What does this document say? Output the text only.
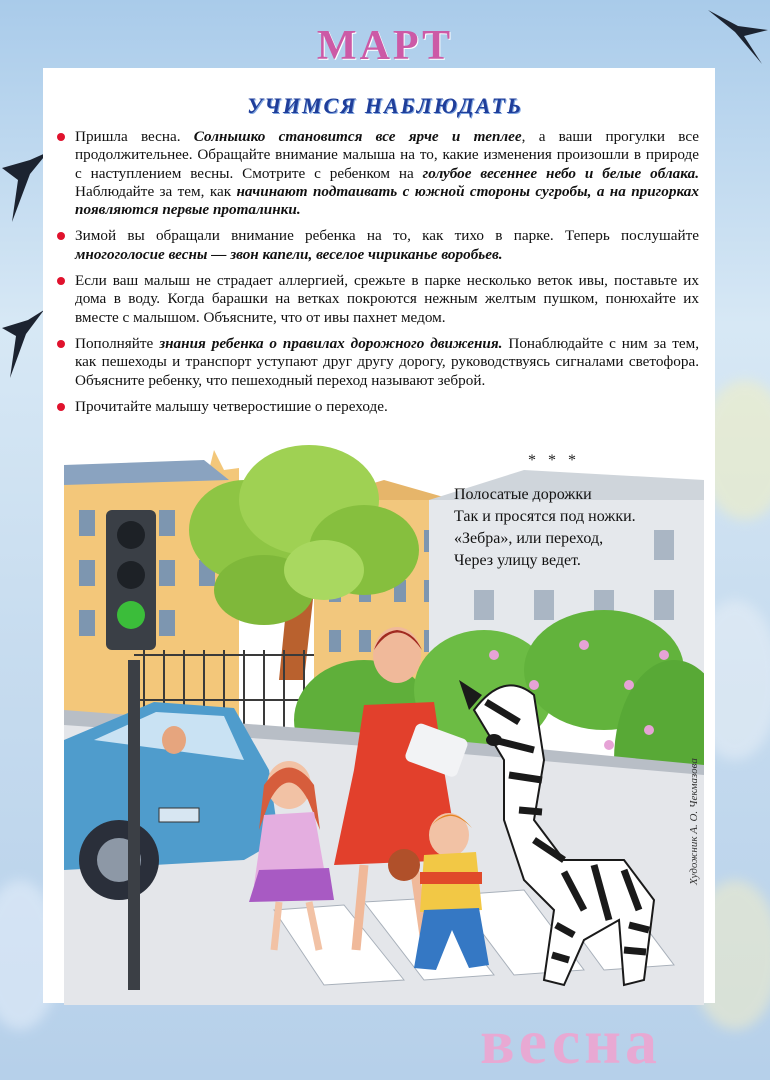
МАРТ
УЧИМСЯ НАБЛЮДАТЬ
Пришла весна. Солнышко становится все ярче и теплее, а ваши прогулки все продолжительнее. Обращайте внимание малыша на то, какие изменения произошли в природе с наступлением весны. Смотрите с ребенком на голубое весеннее небо и белые облака. Наблюдайте за тем, как начинают подтаивать с южной стороны сугробы, а на пригорках появляются первые проталинки.
Зимой вы обращали внимание ребенка на то, как тихо в парке. Теперь послушайте многоголосие весны — звон капели, веселое чириканье воробьев.
Если ваш малыш не страдает аллергией, срежьте в парке несколько веток ивы, поставьте их дома в воду. Когда барашки на ветках покроются нежным желтым пушком, понюхайте их вместе с малышом. Объясните, что от ивы пахнет медом.
Пополняйте знания ребенка о правилах дорожного движения. Понаблюдайте с ним за тем, как пешеходы и транспорт уступают друг другу дорогу, руководствуясь сигналами светофора. Объясните ребенку, что пешеходный переход называют зеброй.
Прочитайте малышу четверостишие о переходе.
* * *
Полосатые дорожки
Так и просятся под ножки.
«Зебра», или переход,
Через улицу ведет.
Художник А. О. Чекмазова
весна
